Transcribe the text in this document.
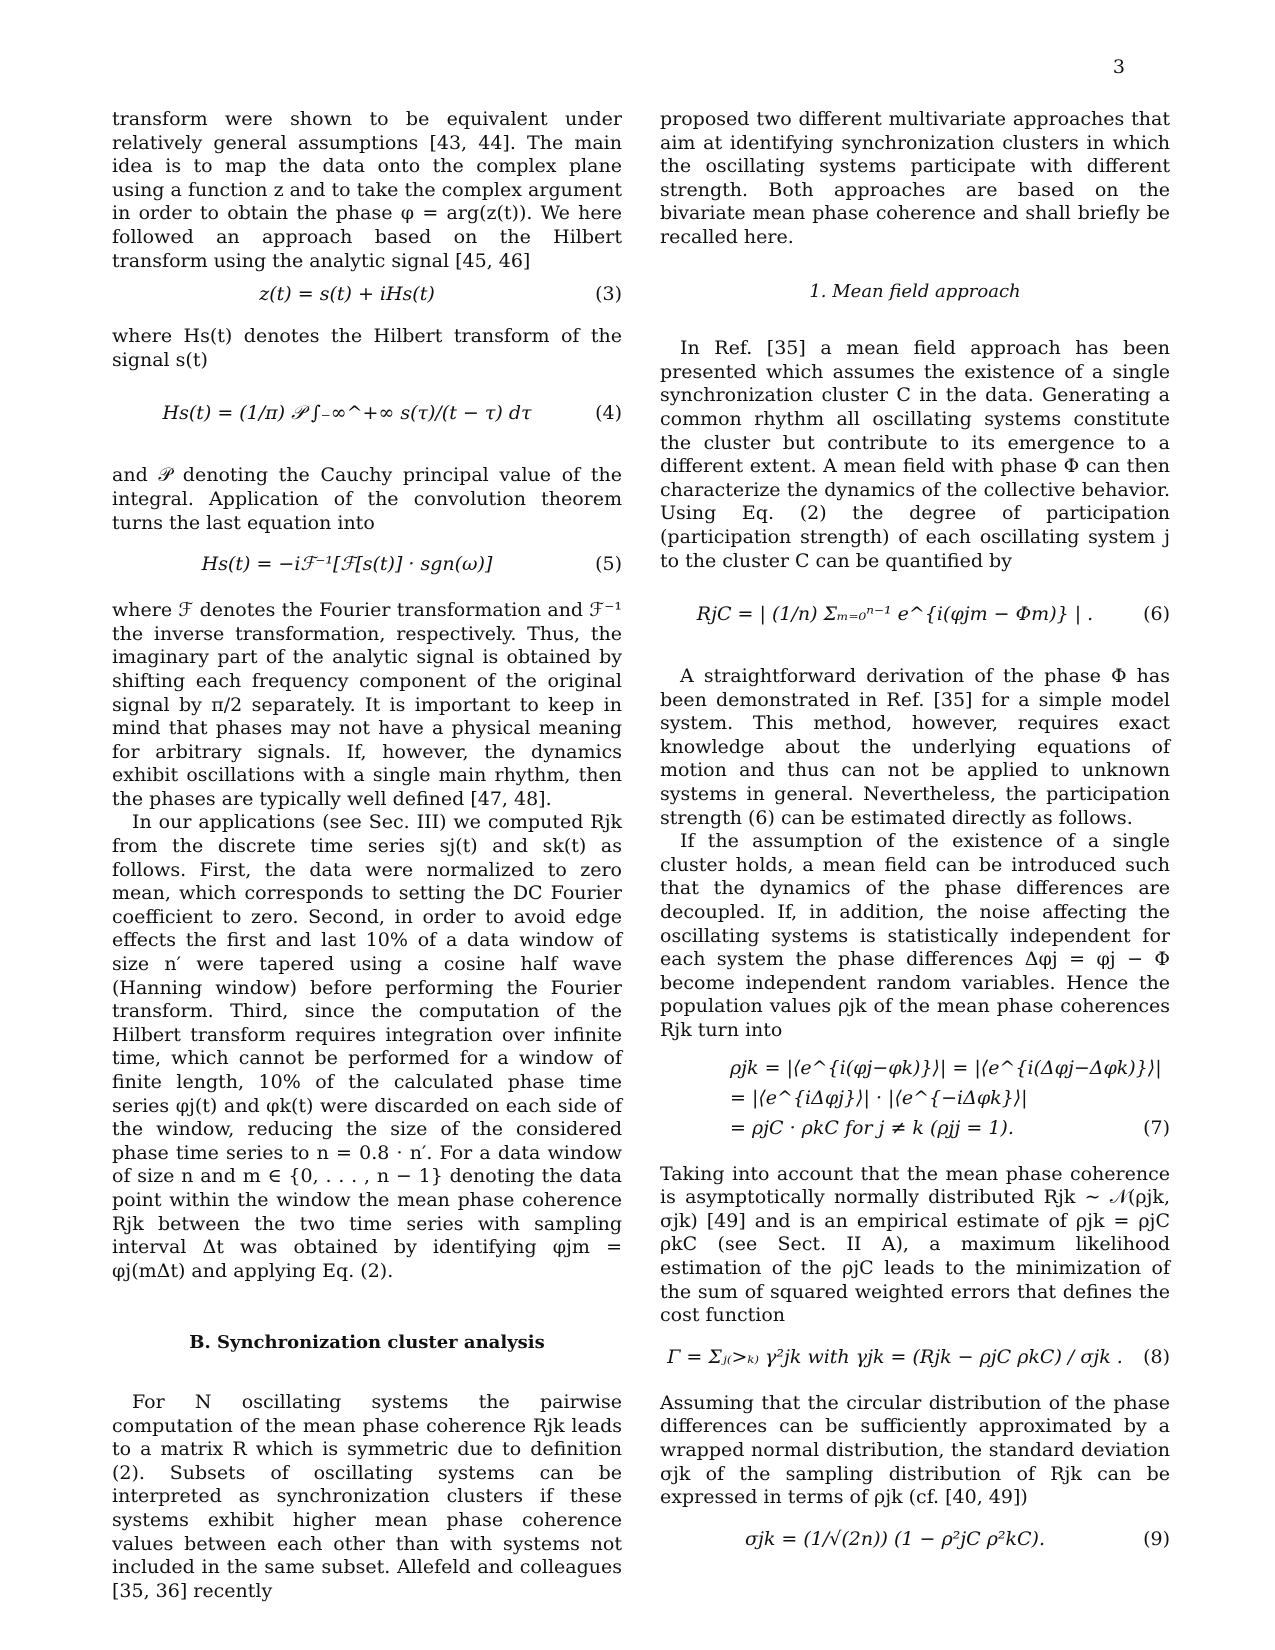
3

transform were shown to be equivalent under relatively general assumptions [43, 44]. The main idea is to map the data onto the complex plane using a function z and to take the complex argument in order to obtain the phase φ = arg(z(t)). We here followed an approach based on the Hilbert transform using the analytic signal [45, 46]

z(t) = s(t) + iHs(t)	(3)

where Hs(t) denotes the Hilbert transform of the signal s(t)

Hs(t) = (1/π) 𝒫 ∫₋∞^+∞ s(τ)/(t − τ) dτ	(4)

and 𝒫 denoting the Cauchy principal value of the integral. Application of the convolution theorem turns the last equation into

Hs(t) = −iℱ⁻¹[ℱ[s(t)] · sgn(ω)]	(5)

where ℱ denotes the Fourier transformation and ℱ⁻¹ the inverse transformation, respectively. Thus, the imaginary part of the analytic signal is obtained by shifting each frequency component of the original signal by π/2 separately. It is important to keep in mind that phases may not have a physical meaning for arbitrary signals. If, however, the dynamics exhibit oscillations with a single main rhythm, then the phases are typically well defined [47, 48].

In our applications (see Sec. III) we computed Rjk from the discrete time series sj(t) and sk(t) as follows. First, the data were normalized to zero mean, which corresponds to setting the DC Fourier coefficient to zero. Second, in order to avoid edge effects the first and last 10% of a data window of size n′ were tapered using a cosine half wave (Hanning window) before performing the Fourier transform. Third, since the computation of the Hilbert transform requires integration over infinite time, which cannot be performed for a window of finite length, 10% of the calculated phase time series φj(t) and φk(t) were discarded on each side of the window, reducing the size of the considered phase time series to n = 0.8 · n′. For a data window of size n and m ∈ {0, . . . , n − 1} denoting the data point within the window the mean phase coherence Rjk between the two time series with sampling interval Δt was obtained by identifying φjm = φj(mΔt) and applying Eq. (2).

B. Synchronization cluster analysis

For N oscillating systems the pairwise computation of the mean phase coherence Rjk leads to a matrix R which is symmetric due to definition (2). Subsets of oscillating systems can be interpreted as synchronization clusters if these systems exhibit higher mean phase coherence values between each other than with systems not included in the same subset. Allefeld and colleagues [35, 36] recently

proposed two different multivariate approaches that aim at identifying synchronization clusters in which the oscillating systems participate with different strength. Both approaches are based on the bivariate mean phase coherence and shall briefly be recalled here.

1. Mean field approach

In Ref. [35] a mean field approach has been presented which assumes the existence of a single synchronization cluster C in the data. Generating a common rhythm all oscillating systems constitute the cluster but contribute to its emergence to a different extent. A mean field with phase Φ can then characterize the dynamics of the collective behavior. Using Eq. (2) the degree of participation (participation strength) of each oscillating system j to the cluster C can be quantified by

RjC = | (1/n) Σₘ₌₀ⁿ⁻¹ e^{i(φjm − Φm)} | .	(6)

A straightforward derivation of the phase Φ has been demonstrated in Ref. [35] for a simple model system. This method, however, requires exact knowledge about the underlying equations of motion and thus can not be applied to unknown systems in general. Nevertheless, the participation strength (6) can be estimated directly as follows.

If the assumption of the existence of a single cluster holds, a mean field can be introduced such that the dynamics of the phase differences are decoupled. If, in addition, the noise affecting the oscillating systems is statistically independent for each system the phase differences Δφj = φj − Φ become independent random variables. Hence the population values ρjk of the mean phase coherences Rjk turn into

ρjk = |⟨e^{i(φj−φk)}⟩| = |⟨e^{i(Δφj−Δφk)}⟩|
= |⟨e^{iΔφj}⟩| · |⟨e^{−iΔφk}⟩|
= ρjC · ρkC for j ≠ k (ρjj = 1).	(7)

Taking into account that the mean phase coherence is asymptotically normally distributed Rjk ∼ 𝒩(ρjk, σjk) [49] and is an empirical estimate of ρjk = ρjC ρkC (see Sect. II A), a maximum likelihood estimation of the ρjC leads to the minimization of the sum of squared weighted errors that defines the cost function

Γ = Σⱼ₍>ₖ₎ γ²jk with γjk = (Rjk − ρjC ρkC) / σjk .	(8)

Assuming that the circular distribution of the phase differences can be sufficiently approximated by a wrapped normal distribution, the standard deviation σjk of the sampling distribution of Rjk can be expressed in terms of ρjk (cf. [40, 49])

σjk = (1/√(2n)) (1 − ρ²jC ρ²kC).	(9)
